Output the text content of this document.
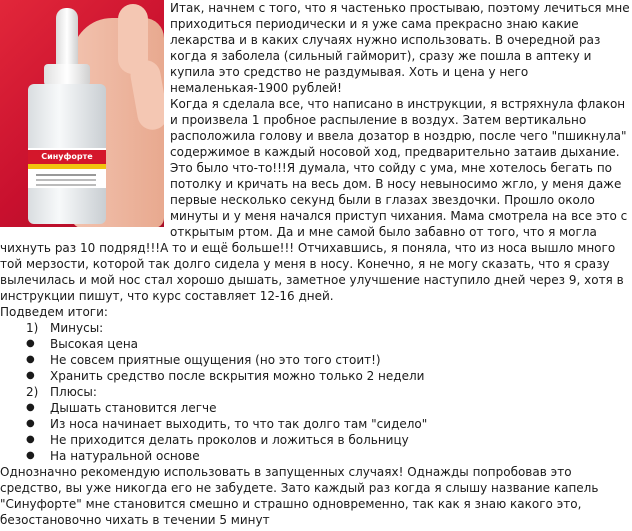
Синуфорте

Итак, начнем с того, что я частенько простываю, поэтому лечиться мне приходиться периодически и я уже сама прекрасно знаю какие лекарства и в каких случаях нужно использовать. В очередной раз когда я заболела (сильный гайморит), сразу же пошла в аптеку и купила это средство не раздумывая. Хоть и цена у него немаленькая-1900 рублей!

Когда я сделала все, что написано в инструкции, я встряхнула флакон и произвела 1 пробное распыление в воздух. Затем вертикально расположила голову и ввела дозатор в ноздрю, после чего "пшикнула" содержимое в каждый носовой ход, предварительно затаив дыхание. Это было что-то!!!Я думала, что сойду с ума, мне хотелось бегать по потолку и кричать на весь дом. В носу невыносимо жгло, у меня даже первые несколько секунд были в глазах звездочки. Прошло около минуты и у меня начался приступ чихания. Мама смотрела на все это с открытым ртом. Да и мне самой было забавно от того, что я могла чихнуть раз 10 подряд!!!А то и ещё больше!!! Отчихавшись, я поняла, что из носа вышло много той мерзости, которой так долго сидела у меня в носу. Конечно, я не могу сказать, что я сразу вылечилась и мой нос стал хорошо дышать, заметное улучшение наступило дней через 9, хотя в инструкции пишут, что курс составляет 12-16 дней.

Подведем итоги:

1) Минусы:
● Высокая цена
● Не совсем приятные ощущения (но это того стоит!)
● Хранить средство после вскрытия можно только 2 недели
2) Плюсы:
● Дышать становится легче
● Из носа начинает выходить, то что так долго там "сидело"
● Не приходится делать проколов и ложиться в больницу
● На натуральной основе

Однозначно рекомендую использовать в запущенных случаях! Однажды попробовав это средство, вы уже никогда его не забудете. Зато каждый раз когда я слышу название капель "Синуфорте" мне становится смешно и страшно одновременно, так как я знаю какого это, безостановочно чихать в течении 5 минут
